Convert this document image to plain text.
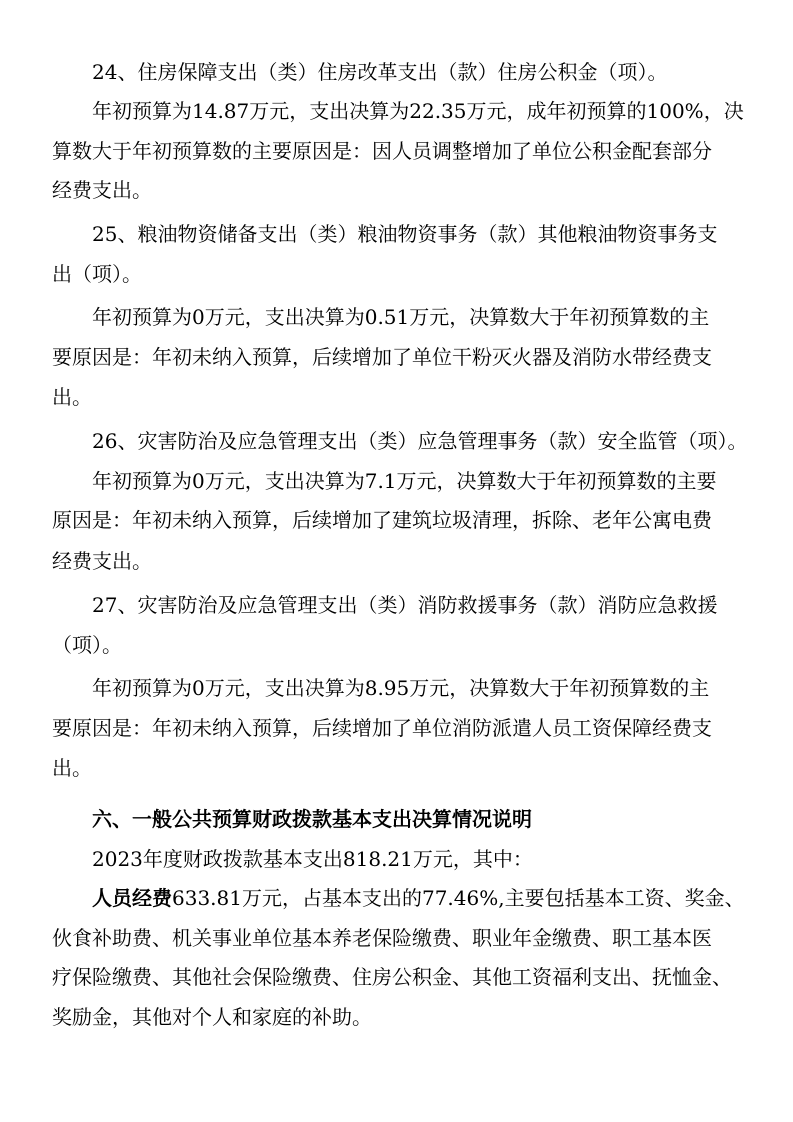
24、住房保障支出（类）住房改革支出（款）住房公积金（项）。
年初预算为14.87万元，支出决算为22.35万元，成年初预算的100%，决
算数大于年初预算数的主要原因是：因人员调整增加了单位公积金配套部分
经费支出。
25、粮油物资储备支出（类）粮油物资事务（款）其他粮油物资事务支
出（项）。
年初预算为0万元，支出决算为0.51万元，决算数大于年初预算数的主
要原因是：年初未纳入预算，后续增加了单位干粉灭火器及消防水带经费支
出。
26、灾害防治及应急管理支出（类）应急管理事务（款）安全监管（项）。
年初预算为0万元，支出决算为7.1万元，决算数大于年初预算数的主要
原因是：年初未纳入预算，后续增加了建筑垃圾清理，拆除、老年公寓电费
经费支出。
27、灾害防治及应急管理支出（类）消防救援事务（款）消防应急救援
（项）。
年初预算为0万元，支出决算为8.95万元，决算数大于年初预算数的主
要原因是：年初未纳入预算，后续增加了单位消防派遣人员工资保障经费支
出。
六、一般公共预算财政拨款基本支出决算情况说明
2023年度财政拨款基本支出818.21万元，其中：
人员经费633.81万元，占基本支出的77.46%,主要包括基本工资、奖金、
伙食补助费、机关事业单位基本养老保险缴费、职业年金缴费、职工基本医
疗保险缴费、其他社会保险缴费、住房公积金、其他工资福利支出、抚恤金、
奖励金，其他对个人和家庭的补助。
